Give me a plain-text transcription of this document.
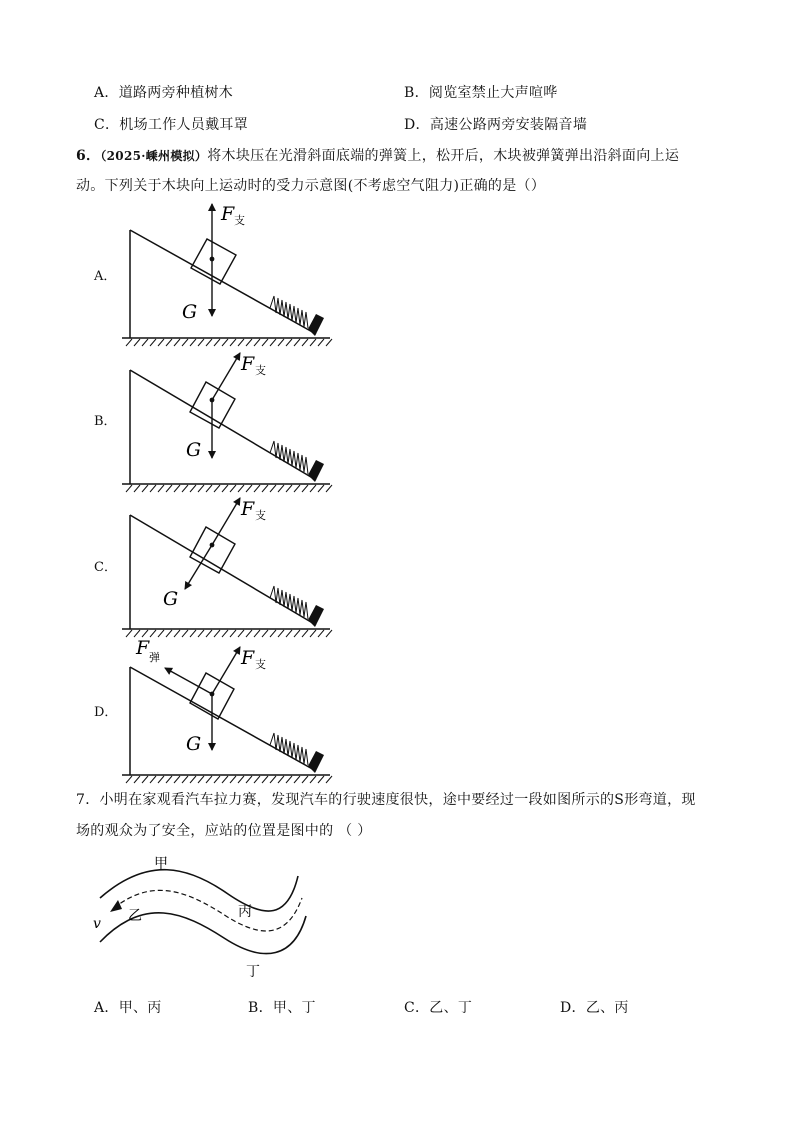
A．道路两旁种植树木	B．阅览室禁止大声喧哗
C．机场工作人员戴耳罩	D．高速公路两旁安装隔音墙
6．（2025·嵊州模拟）将木块压在光滑斜面底端的弹簧上，松开后，木块被弹簧弹出沿斜面向上运
动。下列关于木块向上运动时的受力示意图(不考虑空气阻力)正确的是（）
A．
B．
C．
D．
F 支
G
F 支
G
F 支
G
F 支
F 弹
G
7．小明在家观看汽车拉力赛，发现汽车的行驶速度很快，途中要经过一段如图所示的S形弯道，现
场的观众为了安全，应站的位置是图中的 （ ）
甲
乙	丙
丁
v
A．甲、丙	B．甲、丁	C．乙、丁	D．乙、丙
